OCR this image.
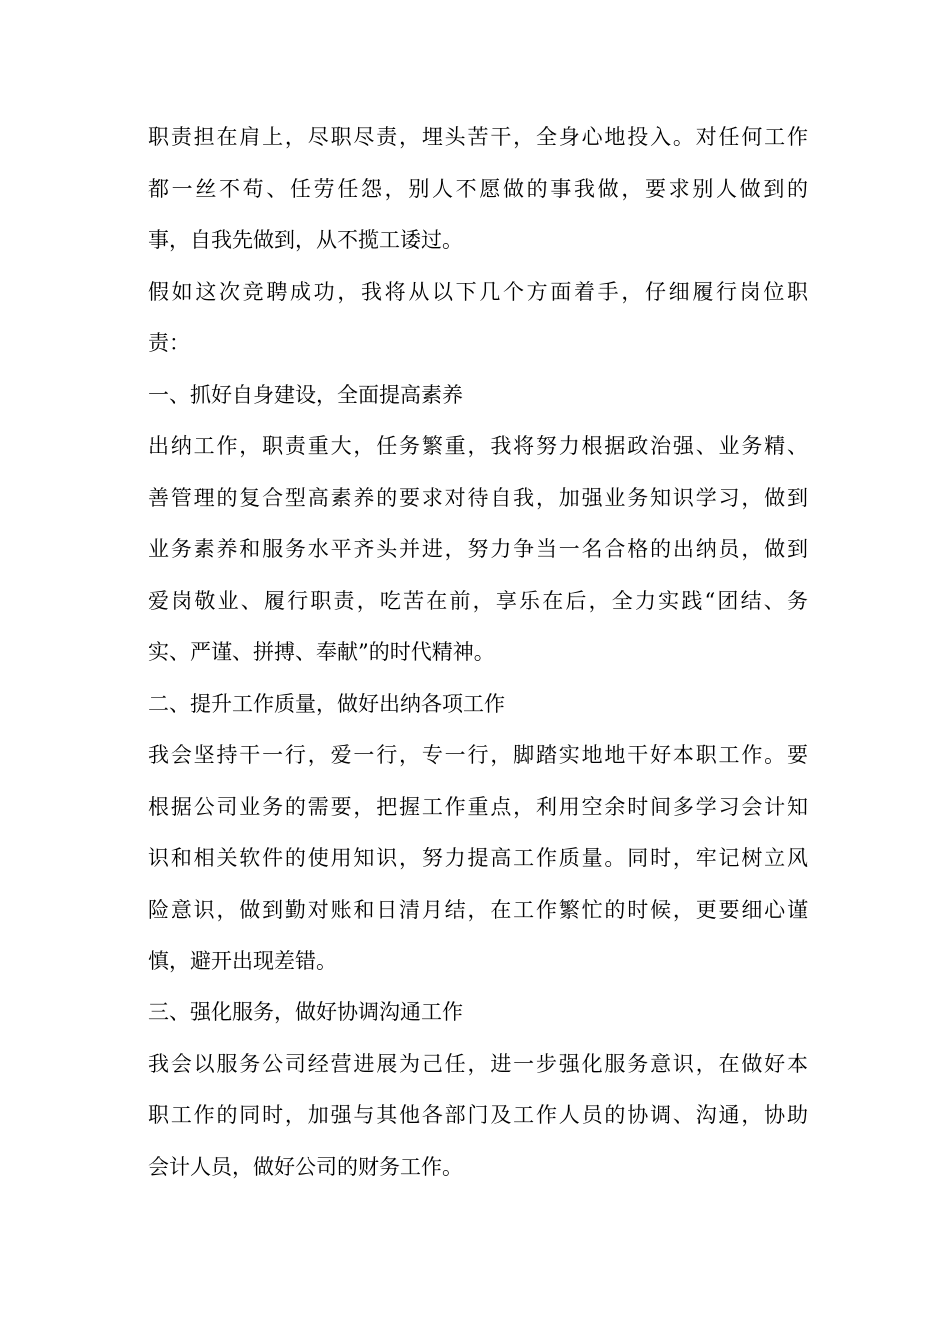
职责担在肩上，尽职尽责，埋头苦干，全身心地投入。对任何工作
都一丝不苟、任劳任怨，别人不愿做的事我做，要求别人做到的
事，自我先做到，从不揽工诿过。
假如这次竞聘成功，我将从以下几个方面着手，仔细履行岗位职
责：
一、抓好自身建设，全面提高素养
出纳工作，职责重大，任务繁重，我将努力根据政治强、业务精、
善管理的复合型高素养的要求对待自我，加强业务知识学习，做到
业务素养和服务水平齐头并进，努力争当一名合格的出纳员，做到
爱岗敬业、履行职责，吃苦在前，享乐在后，全力实践“团结、务
实、严谨、拼搏、奉献”的时代精神。
二、提升工作质量，做好出纳各项工作
我会坚持干一行，爱一行，专一行，脚踏实地地干好本职工作。要
根据公司业务的需要，把握工作重点，利用空余时间多学习会计知
识和相关软件的使用知识，努力提高工作质量。同时，牢记树立风
险意识，做到勤对账和日清月结，在工作繁忙的时候，更要细心谨
慎，避开出现差错。
三、强化服务，做好协调沟通工作
我会以服务公司经营进展为己任，进一步强化服务意识，在做好本
职工作的同时，加强与其他各部门及工作人员的协调、沟通，协助
会计人员，做好公司的财务工作。
